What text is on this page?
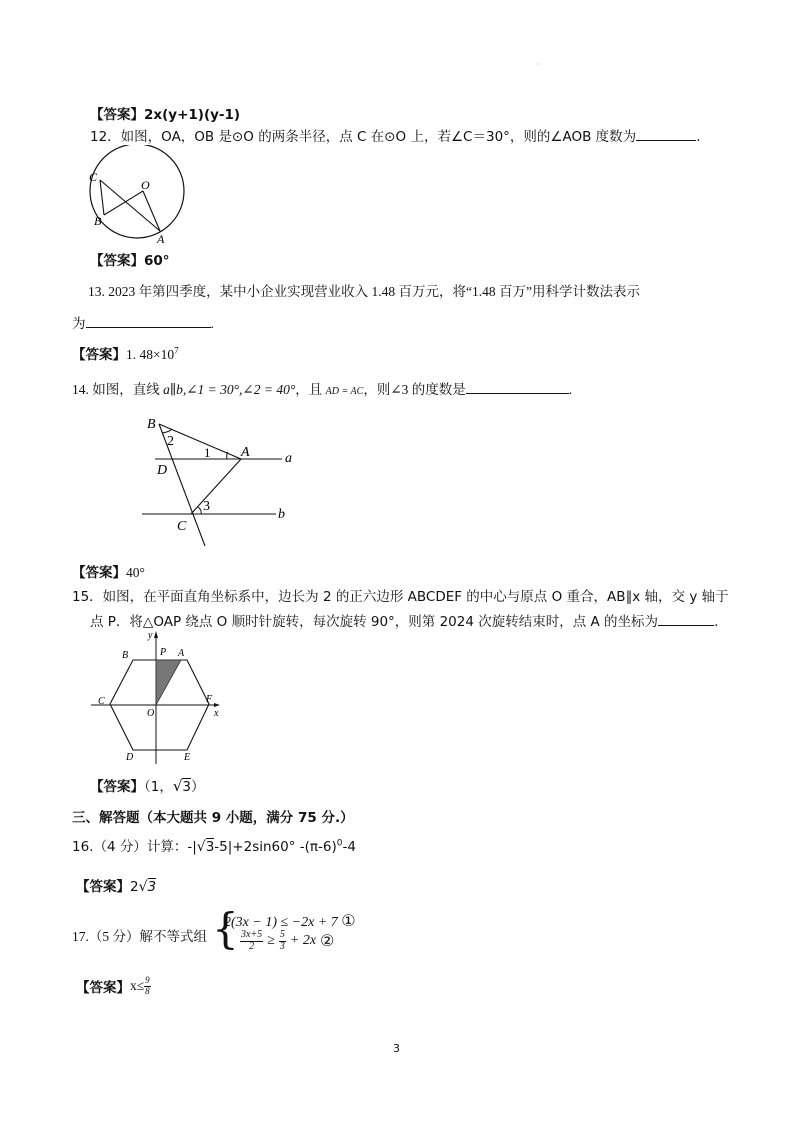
·
【答案】2x(y+1)(y-1)
12．如图，OA，OB 是⊙O 的两条半径，点 C 在⊙O 上，若∠C＝30°，则的∠AOB 度数为	.
C
O
B
A
【答案】60°
13. 2023 年第四季度，某中小企业实现营业收入 1.48 百万元，将“1.48 百万”用科学计数法表示
为	.
【答案】1. $48\times 10^7$
14. 如图，直线 a∥b,∠1 = 30°,∠2 = 40°，且 AD = AC，则∠3 的度数是	.
B
2
1 A	a
D
3
C
b
【答案】40°
15．如图，在平面直角坐标系中，边长为 2 的正六边形 ABCDEF 的中心与原点 O 重合，AB∥x 轴，交 y 轴于
点 P．将△OAP 绕点 O 顺时针旋转，每次旋转 90°，则第 2024 次旋转结束时，点 A 的坐标为	.
y
B	P A
C	F
O	x
D	E
【答案】（1，√3）
三、解答题（本大题共 9 小题，满分 75 分.）
16.（4 分）计算：-|√3-5|+2sin60° $-(\pi-6)^0-4$
【答案】2√3
17.（5 分）解不等式组 {
2(3x − 1) ≤ −2x + 7 ①
$\frac{3x+5}{2} \ge \frac{5}{3} + 2x$ ②
【答案】 $x\le \frac{9}{8}$
3
